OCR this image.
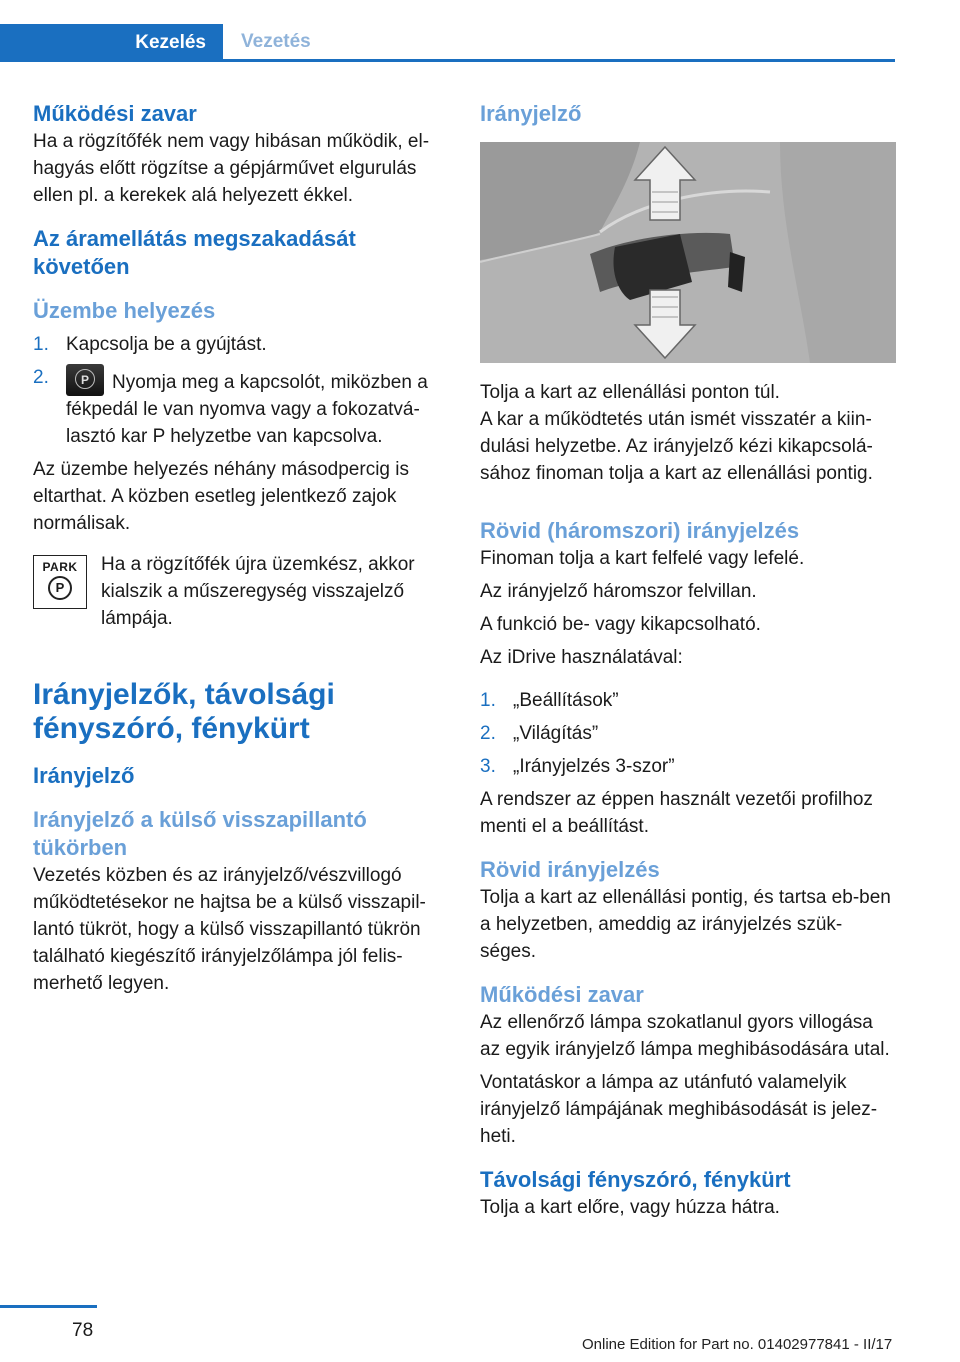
Kezelés	Vezetés
Működési zavar

Ha a rögzítőfék nem vagy hibásan működik, el-hagyás előtt rögzítse a gépjárművet elgurulás ellen pl. a kerekek alá helyezett ékkel.

Az áramellátás megszakadását követően
Üzembe helyezés
1. Kapcsolja be a gyújtást.
2.	P	Nyomja meg a kapcsolót, miközben a fékpedál le van nyomva vagy a fokozatvá-lasztó kar P helyzetbe van kapcsolva.

Az üzembe helyezés néhány másodpercig is eltarthat. A közben esetleg jelentkező zajok normálisak.

PARK
P
Ha a rögzítőfék újra üzemkész, akkor kialszik a műszeregység visszajelző lámpája.
Irányjelzők, távolsági fényszóró, fénykürt
Irányjelző
Irányjelző a külső visszapillantó tükörben

Vezetés közben és az irányjelző/vészvillogó működtetésekor ne hajtsa be a külső visszapil-lantó tükröt, hogy a külső visszapillantó tükrön található kiegészítő irányjelzőlámpa jól felis-merhető legyen.

Irányjelző

Tolja a kart az ellenállási ponton túl.

A kar a működtetés után ismét visszatér a kiin-dulási helyzetbe. Az irányjelző kézi kikapcsolá-sához finoman tolja a kart az ellenállási pontig.

Rövid (háromszori) irányjelzés

Finoman tolja a kart felfelé vagy lefelé.

Az irányjelző háromszor felvillan.

A funkció be- vagy kikapcsolható.

Az iDrive használatával:

1. „Beállítások”
2. „Világítás”
3. „Irányjelzés 3-szor”

A rendszer az éppen használt vezetői profilhoz menti el a beállítást.

Rövid irányjelzés

Tolja a kart az ellenállási pontig, és tartsa eb-ben a helyzetben, ameddig az irányjelzés szük-séges.

Működési zavar

Az ellenőrző lámpa szokatlanul gyors villogása az egyik irányjelző lámpa meghibásodására utal.

Vontatáskor a lámpa az utánfutó valamelyik irányjelző lámpájának meghibásodását is jelez-heti.

Távolsági fényszóró, fénykürt

Tolja a kart előre, vagy húzza hátra.

78
Online Edition for Part no. 01402977841 - II/17
